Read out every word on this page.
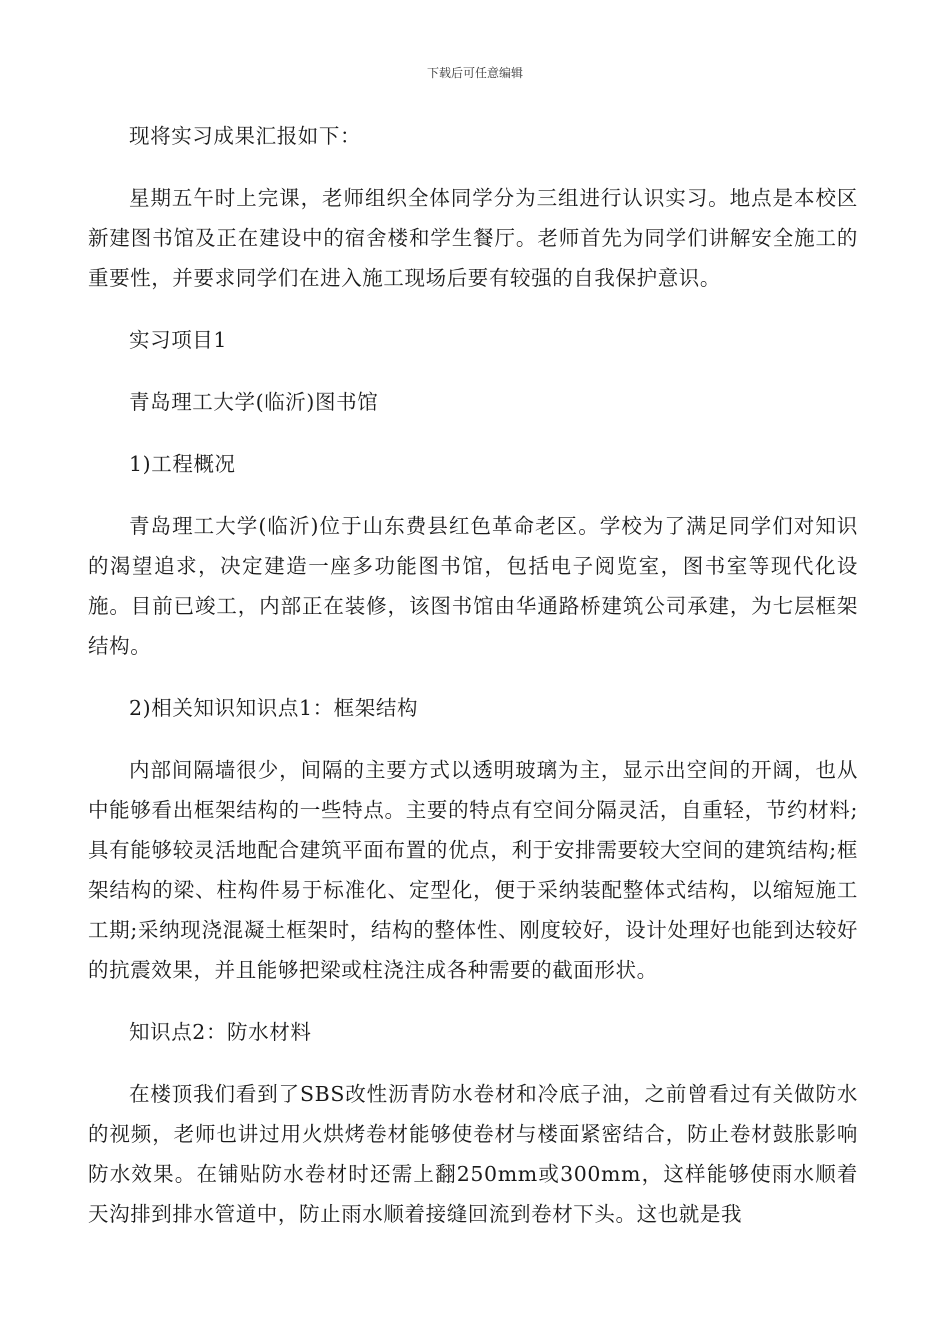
下载后可任意编辑

现将实习成果汇报如下：

星期五午时上完课，老师组织全体同学分为三组进行认识实习。地点是本校区新建图书馆及正在建设中的宿舍楼和学生餐厅。老师首先为同学们讲解安全施工的重要性，并要求同学们在进入施工现场后要有较强的自我保护意识。

实习项目1

青岛理工大学(临沂)图书馆

1)工程概况

青岛理工大学(临沂)位于山东费县红色革命老区。学校为了满足同学们对知识的渴望追求，决定建造一座多功能图书馆，包括电子阅览室，图书室等现代化设施。目前已竣工，内部正在装修，该图书馆由华通路桥建筑公司承建，为七层框架结构。

2)相关知识知识点1：框架结构

内部间隔墙很少，间隔的主要方式以透明玻璃为主，显示出空间的开阔，也从中能够看出框架结构的一些特点。主要的特点有空间分隔灵活，自重轻，节约材料;具有能够较灵活地配合建筑平面布置的优点，利于安排需要较大空间的建筑结构;框架结构的梁、柱构件易于标准化、定型化，便于采纳装配整体式结构，以缩短施工工期;采纳现浇混凝土框架时，结构的整体性、刚度较好，设计处理好也能到达较好的抗震效果，并且能够把梁或柱浇注成各种需要的截面形状。

知识点2：防水材料

在楼顶我们看到了SBS改性沥青防水卷材和冷底子油，之前曾看过有关做防水的视频，老师也讲过用火烘烤卷材能够使卷材与楼面紧密结合，防止卷材鼓胀影响防水效果。在铺贴防水卷材时还需上翻250mm或300mm，这样能够使雨水顺着天沟排到排水管道中，防止雨水顺着接缝回流到卷材下头。这也就是我
